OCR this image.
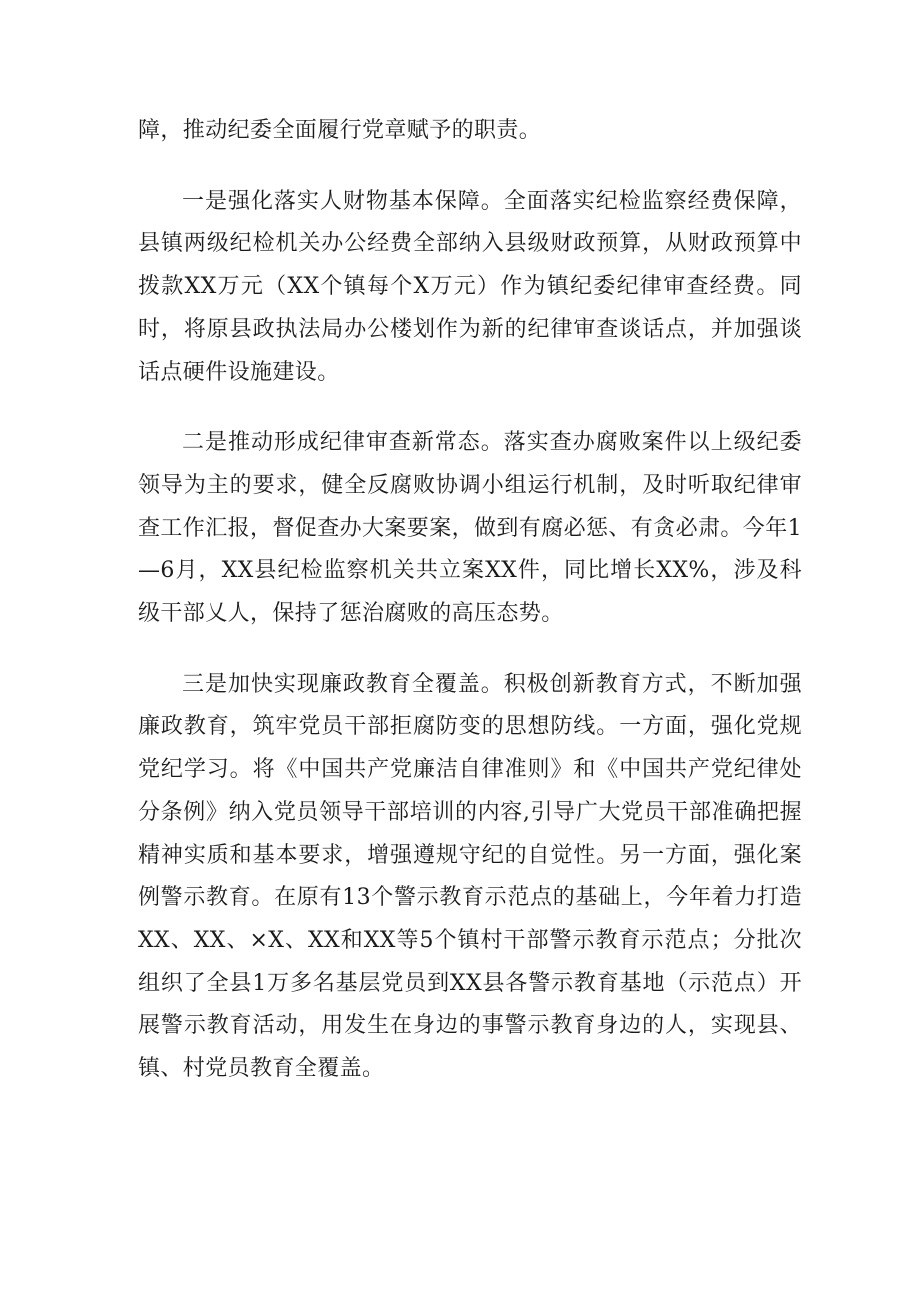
障，推动纪委全面履行党章赋予的职责。

一是强化落实人财物基本保障。全面落实纪检监察经费保障，县镇两级纪检机关办公经费全部纳入县级财政预算，从财政预算中拨款XX万元（XX个镇每个X万元）作为镇纪委纪律审查经费。同时，将原县政执法局办公楼划作为新的纪律审查谈话点，并加强谈话点硬件设施建设。

二是推动形成纪律审查新常态。落实查办腐败案件以上级纪委领导为主的要求，健全反腐败协调小组运行机制，及时听取纪律审查工作汇报，督促查办大案要案，做到有腐必惩、有贪必肃。今年1—6月，XX县纪检监察机关共立案XX件，同比增长XX%，涉及科级干部乂人，保持了惩治腐败的高压态势。

三是加快实现廉政教育全覆盖。积极创新教育方式，不断加强廉政教育，筑牢党员干部拒腐防变的思想防线。一方面，强化党规党纪学习。将《中国共产党廉洁自律准则》和《中国共产党纪律处分条例》纳入党员领导干部培训的内容,引导广大党员干部准确把握精神实质和基本要求，增强遵规守纪的自觉性。另一方面，强化案例警示教育。在原有13个警示教育示范点的基础上，今年着力打造XX、XX、×X、XX和XX等5个镇村干部警示教育示范点；分批次组织了全县1万多名基层党员到XX县各警示教育基地（示范点）开展警示教育活动，用发生在身边的事警示教育身边的人，实现县、镇、村党员教育全覆盖。
